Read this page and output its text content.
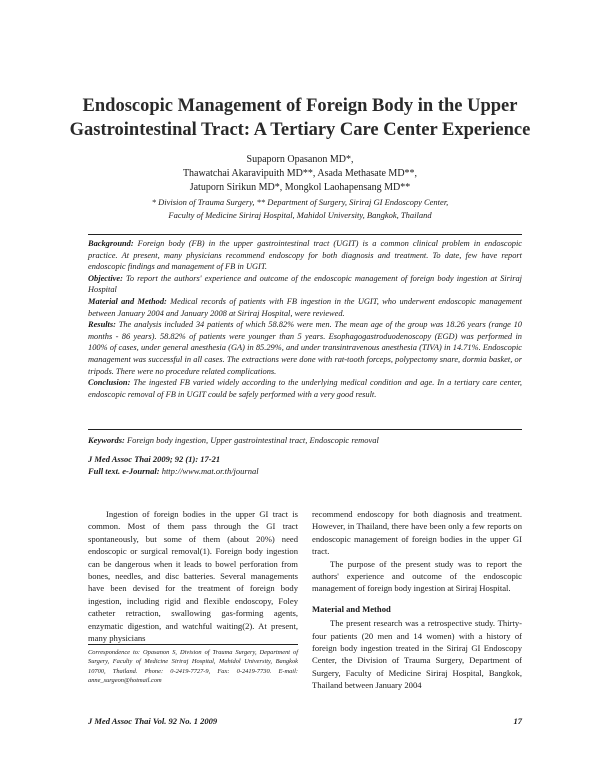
Endoscopic Management of Foreign Body in the Upper
Gastrointestinal Tract: A Tertiary Care Center Experience
Supaporn Opasanon MD*,
Thawatchai Akaravipuith MD**, Asada Methasate MD**,
Jatuporn Sirikun MD*, Mongkol Laohapensang MD**
* Division of Trauma Surgery, ** Department of Surgery, Siriraj GI Endoscopy Center,
Faculty of Medicine Siriraj Hospital, Mahidol University, Bangkok, Thailand

Background: Foreign body (FB) in the upper gastrointestinal tract (UGIT) is a common clinical problem in endoscopic practice. At present, many physicians recommend endoscopy for both diagnosis and treatment. To date, few have report endoscopic findings and management of FB in UGIT.

Objective: To report the authors' experience and outcome of the endoscopic management of foreign body ingestion at Siriraj Hospital

Material and Method: Medical records of patients with FB ingestion in the UGIT, who underwent endoscopic management between January 2004 and January 2008 at Siriraj Hospital, were reviewed.

Results: The analysis included 34 patients of which 58.82% were men. The mean age of the group was 18.26 years (range 10 months - 86 years). 58.82% of patients were younger than 5 years. Esophagogastroduodenoscopy (EGD) was performed in 100% of cases, under general anesthesia (GA) in 85.29%, and under transintravenous anesthesia (TIVA) in 14.71%. Endoscopic management was successful in all cases. The extractions were done with rat-tooth forceps, polypectomy snare, dormia basket, or tripods. There were no procedure related complications.

Conclusion: The ingested FB varied widely according to the underlying medical condition and age. In a tertiary care center, endoscopic removal of FB in UGIT could be safely performed with a very good result.

Keywords: Foreign body ingestion, Upper gastrointestinal tract, Endoscopic removal
J Med Assoc Thai 2009; 92 (1): 17-21
Full text. e-Journal: http://www.mat.or.th/journal

Ingestion of foreign bodies in the upper GI tract is common. Most of them pass through the GI tract spontaneously, but some of them (about 20%) need endoscopic or surgical removal(1). Foreign body ingestion can be dangerous when it leads to bowel perforation from bones, needles, and disc batteries. Several managements have been devised for the treatment of foreign body ingestion, including rigid and flexible endoscopy, Foley catheter retraction, swallowing gas-forming agents, enzymatic digestion, and watchful waiting(2). At present, many physicians

recommend endoscopy for both diagnosis and treatment. However, in Thailand, there have been only a few reports on endoscopic management of foreign bodies in the upper GI tract.

The purpose of the present study was to report the authors' experience and outcome of the endoscopic management of foreign body ingestion at Siriraj Hospital.

Material and Method

The present research was a retrospective study. Thirty-four patients (20 men and 14 women) with a history of foreign body ingestion treated in the Siriraj GI Endoscopy Center, the Division of Trauma Surgery, Department of Surgery, Faculty of Medicine Siriraj Hospital, Bangkok, Thailand between January 2004

Correspondence to: Opasanon S, Division of Trauma Surgery, Department of Surgery, Faculty of Medicine Siriraj Hospital, Mahidol University, Bangkok 10700, Thailand. Phone: 0-2419-7727-9, Fax: 0-2419-7730. E-mail: anne_surgeon@hotmail.com
J Med Assoc Thai Vol. 92 No. 1 2009	17
